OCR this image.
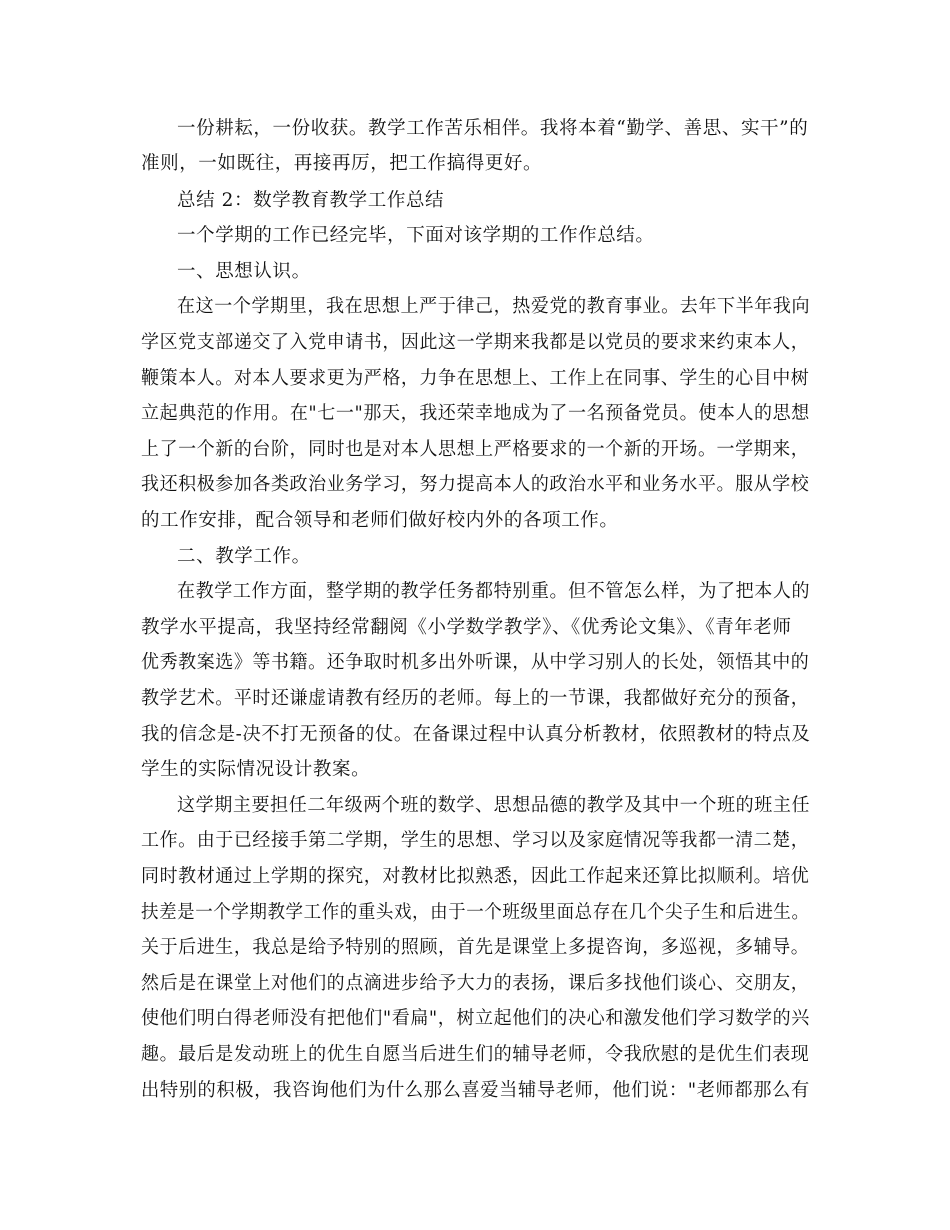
一份耕耘，一份收获。教学工作苦乐相伴。我将本着“勤学、善思、实干”的
准则，一如既往，再接再厉，把工作搞得更好。
总结 2：数学教育教学工作总结
一个学期的工作已经完毕，下面对该学期的工作作总结。
一、思想认识。
在这一个学期里，我在思想上严于律己，热爱党的教育事业。去年下半年我向
学区党支部递交了入党申请书，因此这一学期来我都是以党员的要求来约束本人，
鞭策本人。对本人要求更为严格，力争在思想上、工作上在同事、学生的心目中树
立起典范的作用。在"七一"那天，我还荣幸地成为了一名预备党员。使本人的思想
上了一个新的台阶，同时也是对本人思想上严格要求的一个新的开场。一学期来，
我还积极参加各类政治业务学习，努力提高本人的政治水平和业务水平。服从学校
的工作安排，配合领导和老师们做好校内外的各项工作。
二、教学工作。
在教学工作方面，整学期的教学任务都特别重。但不管怎么样，为了把本人的
教学水平提高，我坚持经常翻阅《小学数学教学》、《优秀论文集》、《青年老师
优秀教案选》等书籍。还争取时机多出外听课，从中学习别人的长处，领悟其中的
教学艺术。平时还谦虚请教有经历的老师。每上的一节课，我都做好充分的预备，
我的信念是-决不打无预备的仗。在备课过程中认真分析教材，依照教材的特点及
学生的实际情况设计教案。
这学期主要担任二年级两个班的数学、思想品德的教学及其中一个班的班主任
工作。由于已经接手第二学期，学生的思想、学习以及家庭情况等我都一清二楚，
同时教材通过上学期的探究，对教材比拟熟悉，因此工作起来还算比拟顺利。培优
扶差是一个学期教学工作的重头戏，由于一个班级里面总存在几个尖子生和后进生。
关于后进生，我总是给予特别的照顾，首先是课堂上多提咨询，多巡视，多辅导。
然后是在课堂上对他们的点滴进步给予大力的表扬，课后多找他们谈心、交朋友，
使他们明白得老师没有把他们"看扁"，树立起他们的决心和激发他们学习数学的兴
趣。最后是发动班上的优生自愿当后进生们的辅导老师，令我欣慰的是优生们表现
出特别的积极，我咨询他们为什么那么喜爱当辅导老师，他们说："老师都那么有
